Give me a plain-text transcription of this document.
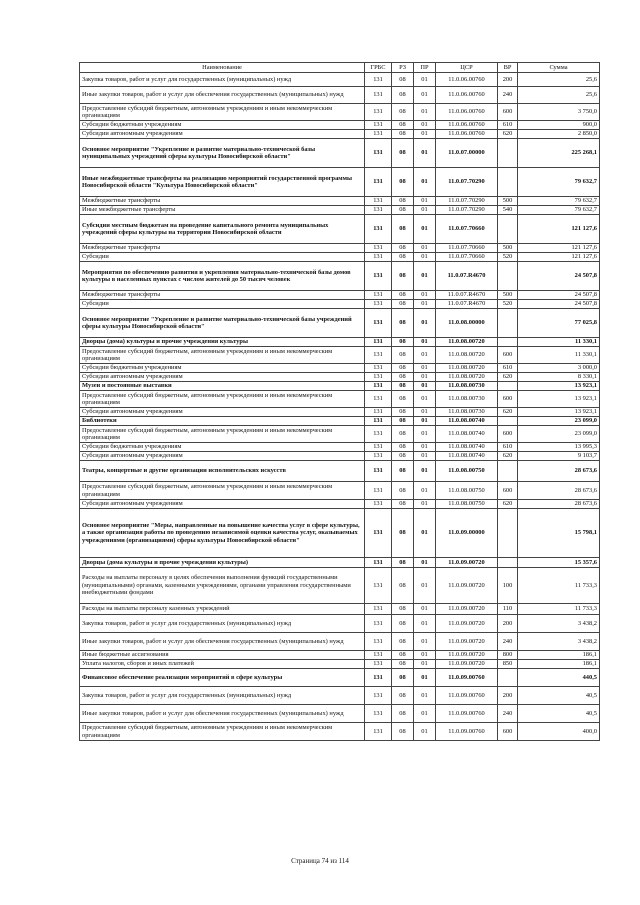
Наименование	ГРБС	РЗ	ПР	ЦСР	ВР	Сумма
Закупка товаров, работ и услуг для государственных (муниципальных) нужд	131	08	01	11.0.06.00760	200	25,6
Иные закупки товаров, работ и услуг для обеспечения государственных (муниципальных) нужд	131	08	01	11.0.06.00760	240	25,6
Предоставление субсидий бюджетным, автономным учреждениям и иным некоммерческим организациям	131	08	01	11.0.06.00760	600	3 750,0
Субсидии бюджетным учреждениям	131	08	01	11.0.06.00760	610	900,0
Субсидии автономным учреждениям	131	08	01	11.0.06.00760	620	2 850,0
Основное мероприятие "Укрепление и развитие материально-технической базы муниципальных учреждений сферы культуры Новосибирской области"	131	08	01	11.0.07.00000		225 268,1
Иные межбюджетные трансферты на реализацию мероприятий государственной программы Новосибирской области "Культура Новосибирской области"	131	08	01	11.0.07.70290		79 632,7
Межбюджетные трансферты	131	08	01	11.0.07.70290	500	79 632,7
Иные межбюджетные трансферты	131	08	01	11.0.07.70290	540	79 632,7
Субсидии местным бюджетам на проведение капитального ремонта муниципальных учреждений сферы культуры на территории Новосибирской области	131	08	01	11.0.07.70660		121 127,6
Межбюджетные трансферты	131	08	01	11.0.07.70660	500	121 127,6
Субсидии	131	08	01	11.0.07.70660	520	121 127,6
Мероприятия по обеспечению развития и укрепления материально-технической базы домов культуры в населенных пунктах с числом жителей до 50 тысяч человек	131	08	01	11.0.07.R4670		24 507,8
Межбюджетные трансферты	131	08	01	11.0.07.R4670	500	24 507,8
Субсидии	131	08	01	11.0.07.R4670	520	24 507,8
Основное мероприятие "Укрепление и развитие материально-технической базы учреждений сферы культуры Новосибирской области"	131	08	01	11.0.08.00000		77 025,8
Дворцы (дома) культуры и прочие учреждения культуры	131	08	01	11.0.08.00720		11 330,1
Предоставление субсидий бюджетным, автономным учреждениям и иным некоммерческим организациям	131	08	01	11.0.08.00720	600	11 330,1
Субсидии бюджетным учреждениям	131	08	01	11.0.08.00720	610	3 000,0
Субсидии автономным учреждениям	131	08	01	11.0.08.00720	620	8 330,1
Музеи и постоянные выставки	131	08	01	11.0.08.00730		13 923,1
Предоставление субсидий бюджетным, автономным учреждениям и иным некоммерческим организациям	131	08	01	11.0.08.00730	600	13 923,1
Субсидии автономным учреждениям	131	08	01	11.0.08.00730	620	13 923,1
Библиотеки	131	08	01	11.0.08.00740		23 099,0
Предоставление субсидий бюджетным, автономным учреждениям и иным некоммерческим организациям	131	08	01	11.0.08.00740	600	23 099,0
Субсидии бюджетным учреждениям	131	08	01	11.0.08.00740	610	13 995,3
Субсидии автономным учреждениям	131	08	01	11.0.08.00740	620	9 103,7
Театры, концертные и другие организации исполнительских искусств	131	08	01	11.0.08.00750		28 673,6
Предоставление субсидий бюджетным, автономным учреждениям и иным некоммерческим организациям	131	08	01	11.0.08.00750	600	28 673,6
Субсидии автономным учреждениям	131	08	01	11.0.08.00750	620	28 673,6
Основное мероприятие "Меры, направленные на повышение качества услуг в сфере культуры, а также организация работы по проведению независимой оценки качества услуг, оказываемых учреждениями (организациями) сферы культуры Новосибирской области"	131	08	01	11.0.09.00000		15 798,1
Дворцы (дома культуры и прочие учреждения культуры)	131	08	01	11.0.09.00720		15 357,6
Расходы на выплаты персоналу в целях обеспечения выполнения функций государственными (муниципальными) органами, казенными учреждениями, органами управления государственными внебюджетными фондами	131	08	01	11.0.09.00720	100	11 733,3
Расходы на выплаты персоналу казенных учреждений	131	08	01	11.0.09.00720	110	11 733,3
Закупка товаров, работ и услуг для государственных (муниципальных) нужд	131	08	01	11.0.09.00720	200	3 438,2
Иные закупки товаров, работ и услуг для обеспечения государственных (муниципальных) нужд	131	08	01	11.0.09.00720	240	3 438,2
Иные бюджетные ассигнования	131	08	01	11.0.09.00720	800	186,1
Уплата налогов, сборов и иных платежей	131	08	01	11.0.09.00720	850	186,1
Финансовое обеспечение реализации мероприятий в сфере культуры	131	08	01	11.0.09.00760		440,5
Закупка товаров, работ и услуг для государственных (муниципальных) нужд	131	08	01	11.0.09.00760	200	40,5
Иные закупки товаров, работ и услуг для обеспечения государственных (муниципальных) нужд	131	08	01	11.0.09.00760	240	40,5
Предоставление субсидий бюджетным, автономным учреждениям и иным некоммерческим организациям	131	08	01	11.0.09.00760	600	400,0
Страница 74 из 114
